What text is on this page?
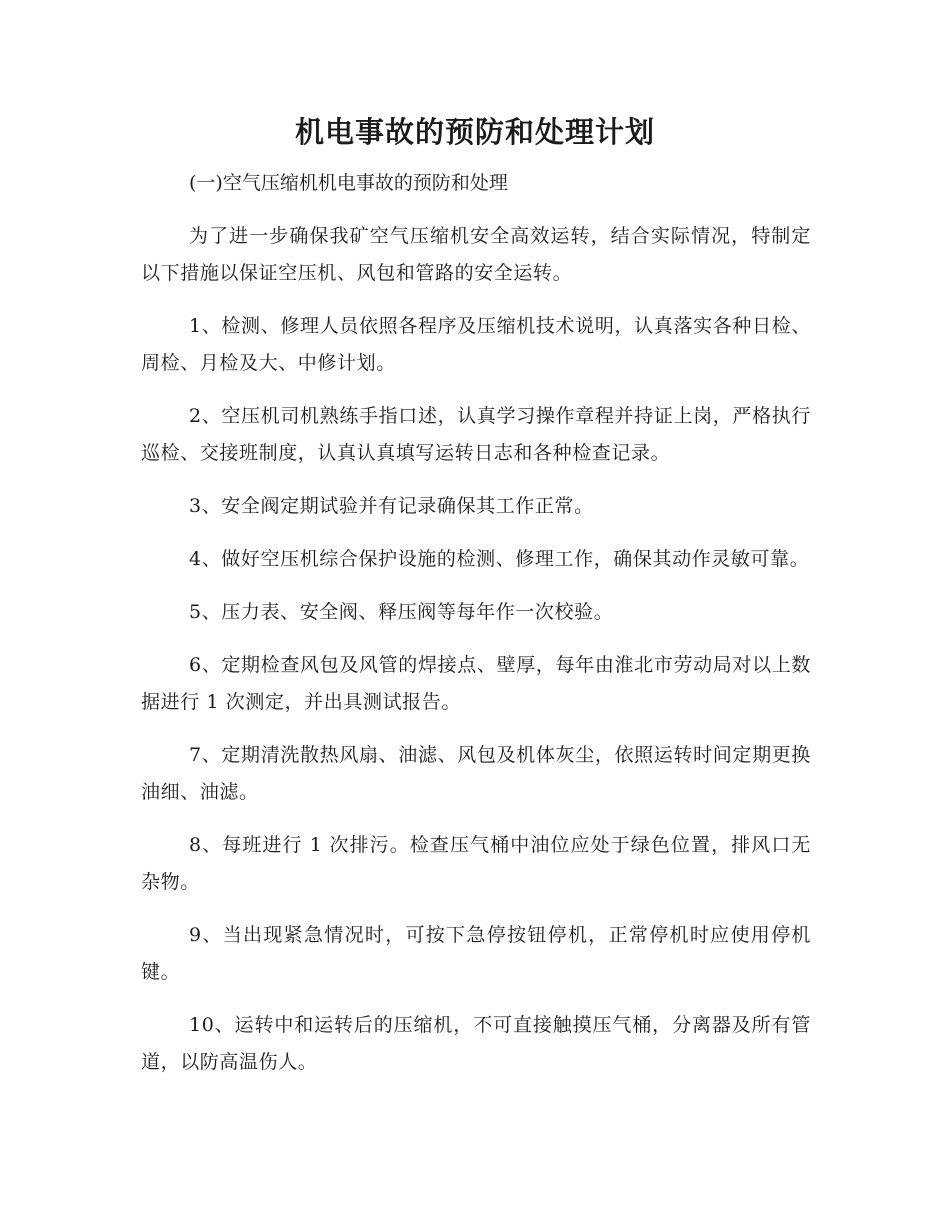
机电事故的预防和处理计划

(一)空气压缩机机电事故的预防和处理

为了进一步确保我矿空气压缩机安全高效运转，结合实际情况，特制定以下措施以保证空压机、风包和管路的安全运转。

1、检测、修理人员依照各程序及压缩机技术说明，认真落实各种日检、周检、月检及大、中修计划。

2、空压机司机熟练手指口述，认真学习操作章程并持证上岗，严格执行巡检、交接班制度，认真认真填写运转日志和各种检查记录。

3、安全阀定期试验并有记录确保其工作正常。

4、做好空压机综合保护设施的检测、修理工作，确保其动作灵敏可靠。

5、压力表、安全阀、释压阀等每年作一次校验。

6、定期检查风包及风管的焊接点、壁厚，每年由淮北市劳动局对以上数据进行 1 次测定，并出具测试报告。

7、定期清洗散热风扇、油滤、风包及机体灰尘，依照运转时间定期更换油细、油滤。

8、每班进行 1 次排污。检查压气桶中油位应处于绿色位置，排风口无杂物。

9、当出现紧急情况时，可按下急停按钮停机，正常停机时应使用停机键。

10、运转中和运转后的压缩机，不可直接触摸压气桶，分离器及所有管道，以防高温伤人。
